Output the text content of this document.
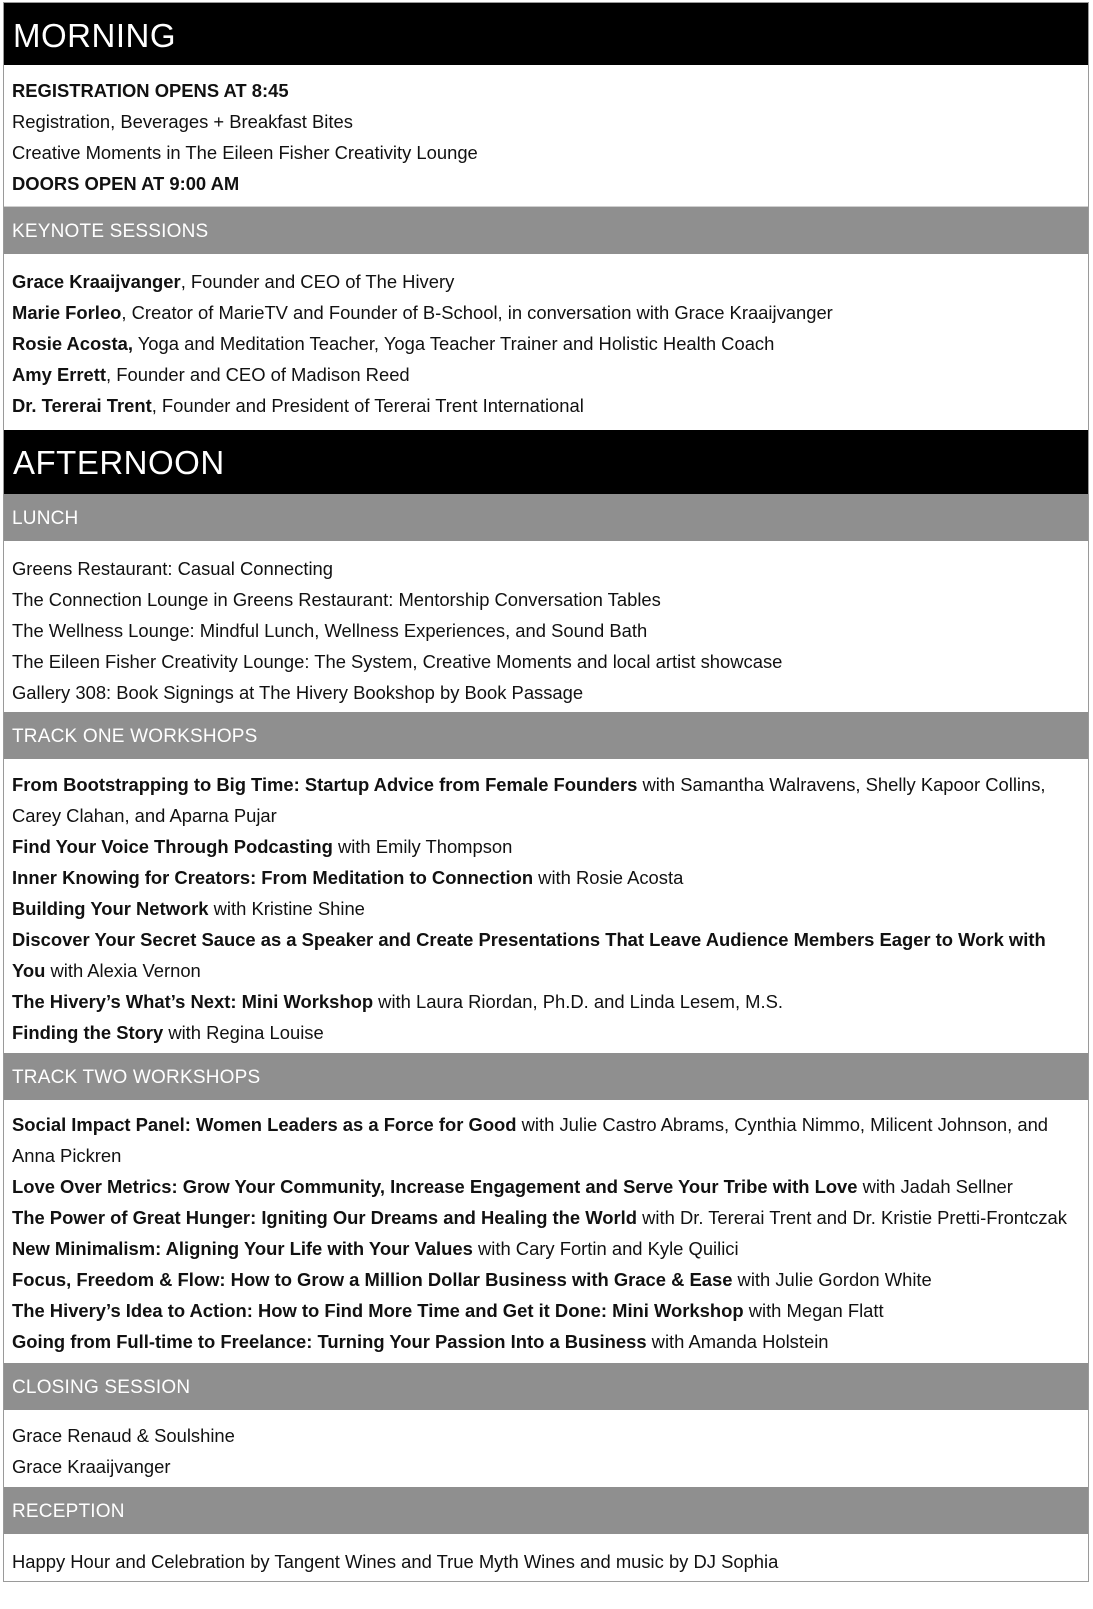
MORNING
REGISTRATION OPENS AT 8:45
Registration, Beverages + Breakfast Bites
Creative Moments in The Eileen Fisher Creativity Lounge
DOORS OPEN AT 9:00 AM
KEYNOTE SESSIONS
Grace Kraaijvanger, Founder and CEO of The Hivery
Marie Forleo, Creator of MarieTV and Founder of B-School, in conversation with Grace Kraaijvanger
Rosie Acosta, Yoga and Meditation Teacher, Yoga Teacher Trainer and Holistic Health Coach
Amy Errett, Founder and CEO of Madison Reed
Dr. Tererai Trent, Founder and President of Tererai Trent International
AFTERNOON
LUNCH
Greens Restaurant: Casual Connecting
The Connection Lounge in Greens Restaurant: Mentorship Conversation Tables
The Wellness Lounge: Mindful Lunch, Wellness Experiences, and Sound Bath
The Eileen Fisher Creativity Lounge: The System, Creative Moments and local artist showcase
Gallery 308: Book Signings at The Hivery Bookshop by Book Passage
TRACK ONE WORKSHOPS
From Bootstrapping to Big Time: Startup Advice from Female Founders with Samantha Walravens, Shelly Kapoor Collins, Carey Clahan, and Aparna Pujar
Find Your Voice Through Podcasting with Emily Thompson
Inner Knowing for Creators: From Meditation to Connection with Rosie Acosta
Building Your Network with Kristine Shine
Discover Your Secret Sauce as a Speaker and Create Presentations That Leave Audience Members Eager to Work with You with Alexia Vernon
The Hivery’s What’s Next: Mini Workshop with Laura Riordan, Ph.D. and Linda Lesem, M.S.
Finding the Story with Regina Louise
TRACK TWO WORKSHOPS
Social Impact Panel: Women Leaders as a Force for Good with Julie Castro Abrams, Cynthia Nimmo, Milicent Johnson, and Anna Pickren
Love Over Metrics: Grow Your Community, Increase Engagement and Serve Your Tribe with Love with Jadah Sellner
The Power of Great Hunger: Igniting Our Dreams and Healing the World with Dr. Tererai Trent and Dr. Kristie Pretti-Frontczak
New Minimalism: Aligning Your Life with Your Values with Cary Fortin and Kyle Quilici
Focus, Freedom & Flow: How to Grow a Million Dollar Business with Grace & Ease with Julie Gordon White
The Hivery’s Idea to Action: How to Find More Time and Get it Done: Mini Workshop with Megan Flatt
Going from Full-time to Freelance: Turning Your Passion Into a Business with Amanda Holstein
CLOSING SESSION
Grace Renaud & Soulshine
Grace Kraaijvanger
RECEPTION
Happy Hour and Celebration by Tangent Wines and True Myth Wines and music by DJ Sophia
